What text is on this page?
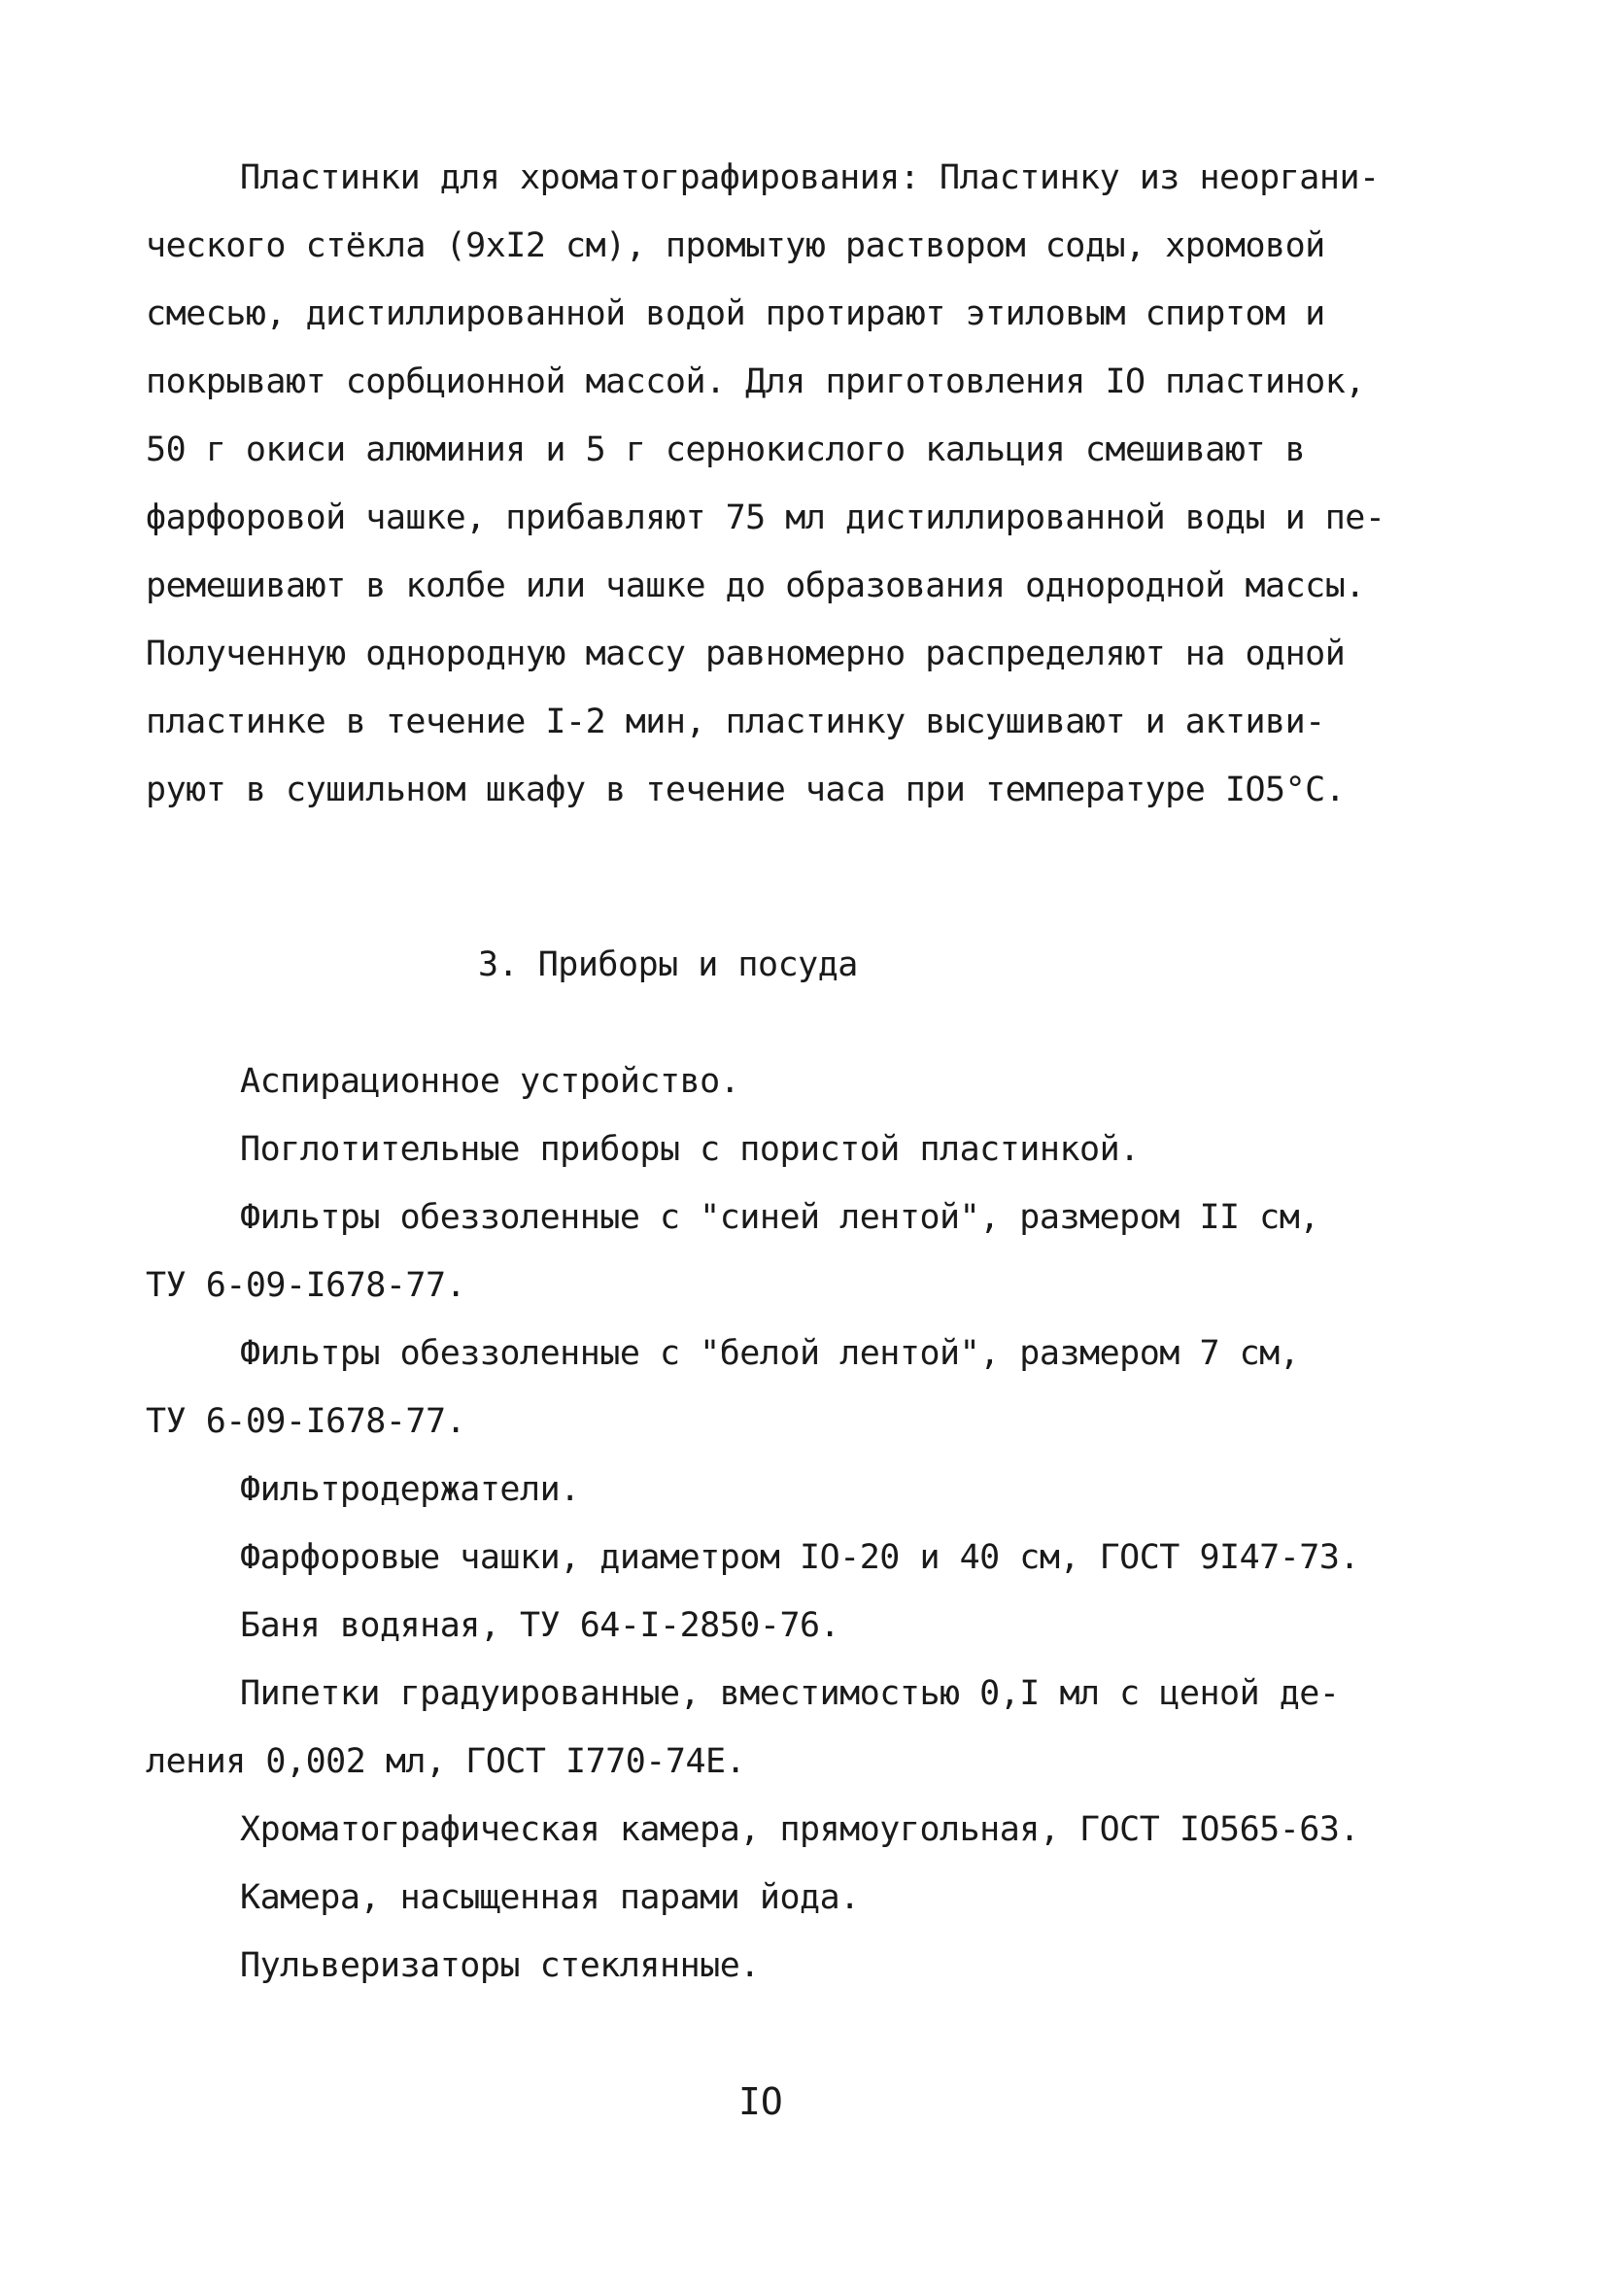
Пластинки для хроматографирования: Пластинку из неоргани-
ческого стёкла (9хI2 см), промытую раствором соды, хромовой
смесью, дистиллированной водой протирают этиловым спиртом и
покрывают сорбционной массой. Для приготовления IO пластинок,
50 г окиси алюминия и 5 г сернокислого кальция смешивают в
фарфоровой чашке, прибавляют 75 мл дистиллированной воды и пе-
ремешивают в колбе или чашке до образования однородной массы.
Полученную однородную массу равномерно распределяют на одной
пластинке в течение I-2 мин, пластинку высушивают и активи-
руют в сушильном шкафу в течение часа при температуре IO5°С.
3. Приборы и посуда
Аспирационное устройство.
Поглотительные приборы с пористой пластинкой.
Фильтры обеззоленные с "синей лентой", размером II см,
ТУ 6-09-I678-77.
Фильтры обеззоленные с "белой лентой", размером 7 см,
ТУ 6-09-I678-77.
Фильтродержатели.
Фарфоровые чашки, диаметром IO-20 и 40 см, ГОСТ 9I47-73.
Баня водяная, ТУ 64-I-2850-76.
Пипетки градуированные, вместимостью 0,I мл с ценой де-
ления 0,002 мл, ГОСТ I770-74Е.
Хроматографическая камера, прямоугольная, ГОСТ IO565-63.
Камера, насыщенная парами йода.
Пульверизаторы стеклянные.
IO
